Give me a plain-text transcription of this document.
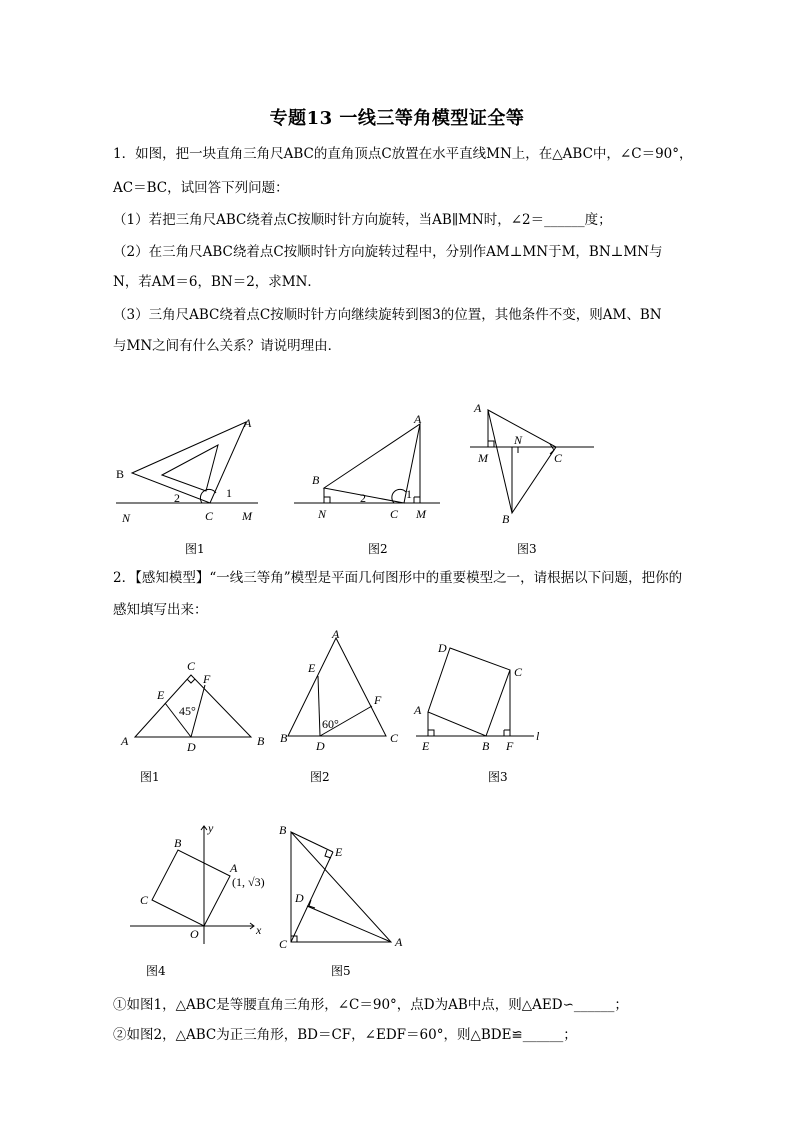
专题13 一线三等角模型证全等
1．如图，把一块直角三角尺ABC的直角顶点C放置在水平直线MN上，在△ABC中，∠C＝90°，
AC＝BC，试回答下列问题：
（1）若把三角尺ABC绕着点C按顺时针方向旋转，当AB∥MN时，∠2＝______度；
（2）在三角尺ABC绕着点C按顺时针方向旋转过程中，分别作AM⊥MN于M，BN⊥MN与
N，若AM＝6，BN＝2，求MN．
（3）三角尺ABC绕着点C按顺时针方向继续旋转到图3的位置，其他条件不变，则AM、BN
与MN之间有什么关系？请说明理由．
B
A
C
N	M
2	1
图1
B
A
C
N	M
2	1
图2
A
N
M	C
B
图3
2．【感知模型】“一线三等角”模型是平面几何图形中的重要模型之一，请根据以下问题，把你的
感知填写出来：
C
E
F
A	D	B
45°
图1
A
E
F
B
D
C
60°
图2
D
C
A
E	B F
l
图3
B
A
C
O	x
y
(1, √3)
图4
B
E
D
C	A
图5
①如图1，△ABC是等腰直角三角形，∠C＝90°，点D为AB中点，则△AED∽______；
②如图2，△ABC为正三角形，BD＝CF，∠EDF＝60°，则△BDE≌______；
